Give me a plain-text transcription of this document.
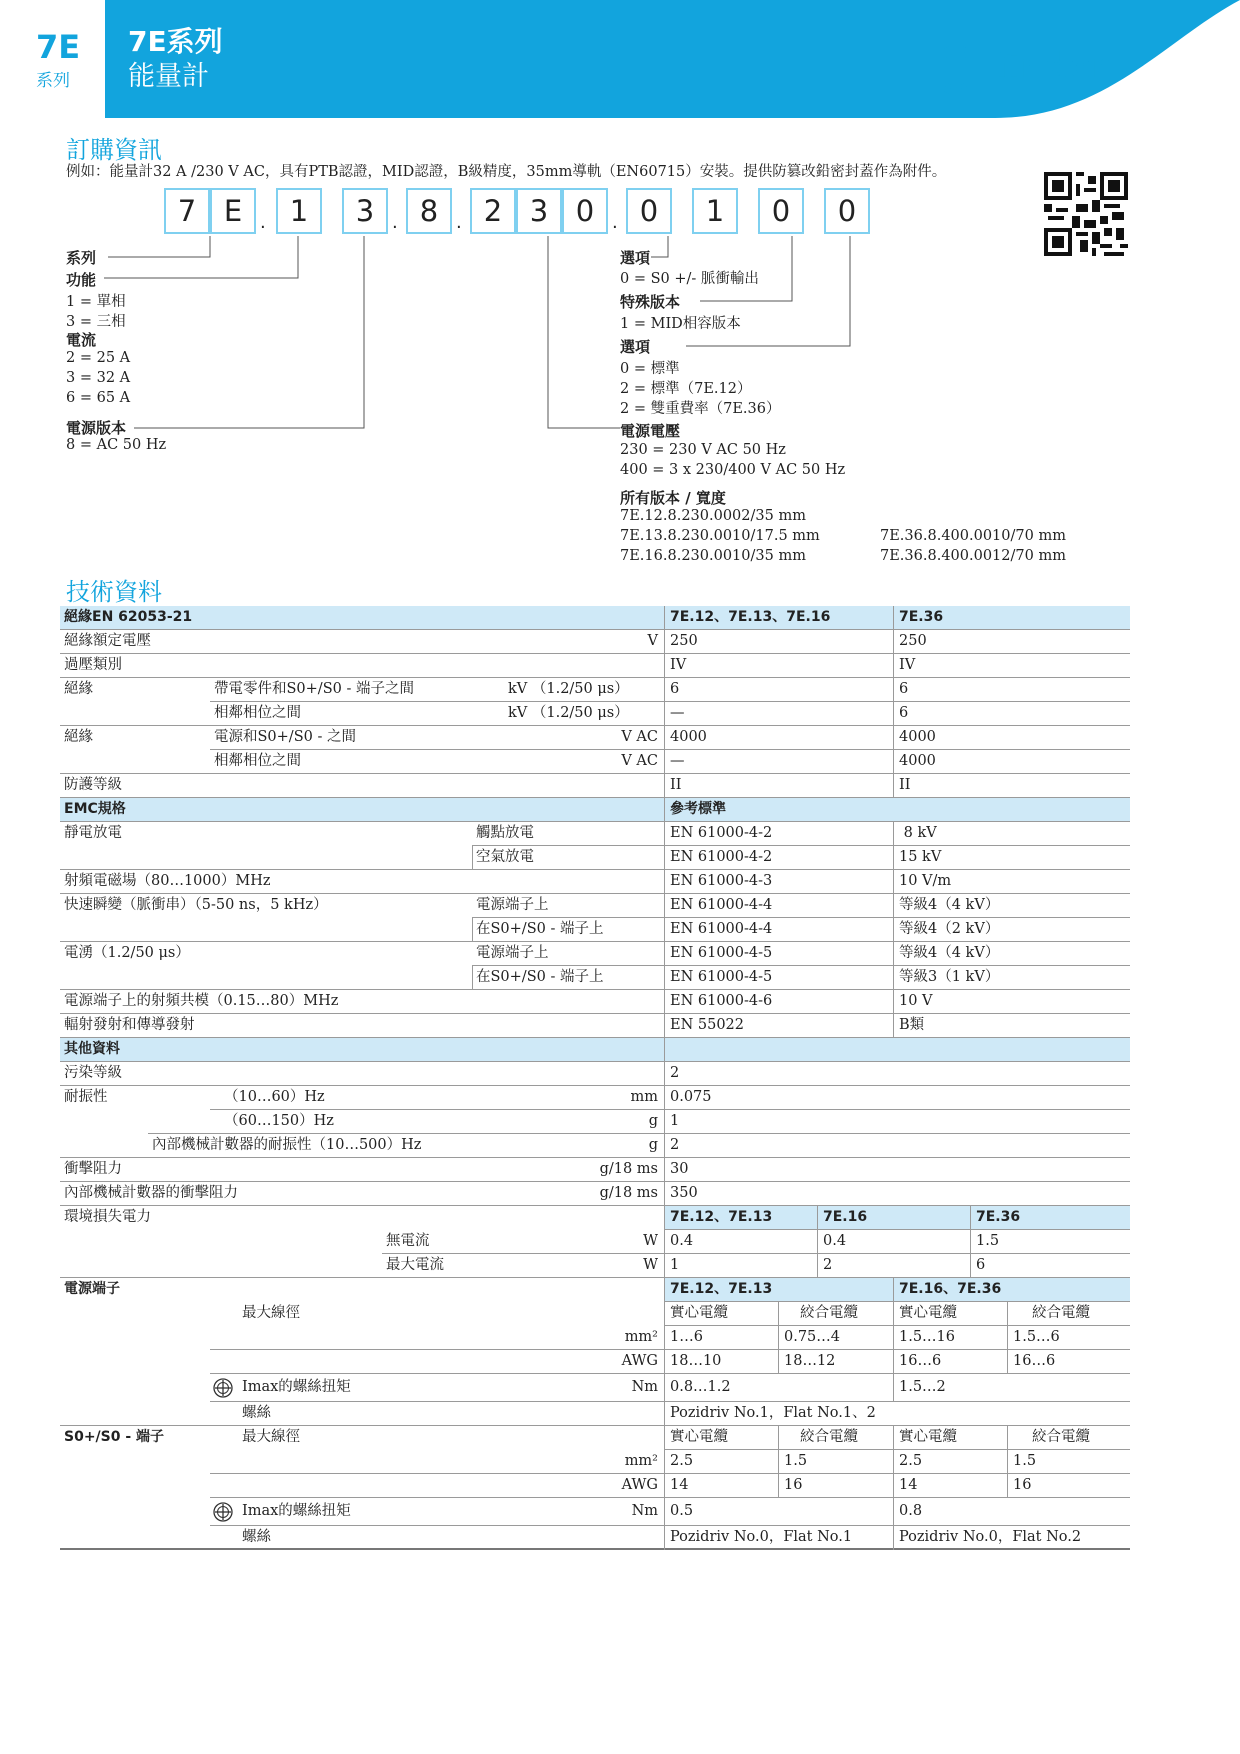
7E
系列
7E系列
能量計	finder
訂購資訊
例如：能量計32 A /230 V AC，具有PTB認證，MID認證，B級精度，35mm導軌（EN60715）安裝。提供防篡改鉛密封蓋作為附件。
7 E . 1	3 . 8 . 2 3 0 . 0	1	0	0
系列
功能
1 = 單相
3 = 三相
電流
2 = 25 A
3 = 32 A
6 = 65 A
電源版本
8 = AC 50 Hz
選項
0 = S0 +/- 脈衝輸出
特殊版本
1 = MID相容版本
選項
0 = 標準
2 = 標準（7E.12）
2 = 雙重費率（7E.36）
電源電壓
230 = 230 V AC 50 Hz
400 = 3 x 230/400 V AC 50 Hz
所有版本 / 寬度
7E.12.8.230.0002/35 mm
7E.13.8.230.0010/17.5 mm
7E.16.8.230.0010/35 mm
7E.36.8.400.0010/70 mm
7E.36.8.400.0012/70 mm
技術資料
絕緣EN 62053-21	7E.12、7E.13、7E.16	7E.36
絕緣額定電壓	V 250	250
過壓類別	IV	IV
絕緣	帶電零件和S0+/S0 - 端子之間	kV （1.2/50 μs）	6	6
相鄰相位之間	kV （1.2/50 μs）	—	6
絕緣	電源和S0+/S0 - 之間	V AC 4000	4000
相鄰相位之間	V AC —	4000
防護等級	II	II
EMC規格	參考標準
靜電放電	觸點放電	EN 61000-4-2	8 kV
空氣放電	EN 61000-4-2	15 kV
射頻電磁場（80…1000）MHz	EN 61000-4-3	10 V/m
快速瞬變（脈衝串）（5-50 ns，5 kHz）	電源端子上	EN 61000-4-4	等級4（4 kV）
在S0+/S0 - 端子上	EN 61000-4-4	等級4（2 kV）
電湧（1.2/50 μs）	電源端子上	EN 61000-4-5	等級4（4 kV）
在S0+/S0 - 端子上	EN 61000-4-5	等級3（1 kV）
電源端子上的射頻共模（0.15…80）MHz	EN 61000-4-6	10 V
輻射發射和傳導發射	EN 55022	B類
其他資料
污染等級	2
耐振性	（10…60）Hz	mm 0.075
（60…150）Hz	g 1
內部機械計數器的耐振性（10…500）Hz	g 2
衝擊阻力	g/18 ms 30
內部機械計數器的衝擊阻力	g/18 ms 350
環境損失電力	7E.12、7E.13	7E.16	7E.36
無電流	W 0.4	0.4	1.5
最大電流	W 1	2	6
電源端子	7E.12、7E.13	7E.16、7E.36
最大線徑	實心電纜	絞合電纜	實心電纜	絞合電纜
mm² 1…6	0.75…4	1.5…16	1.5…6
AWG 18…10	18…12	16…6	16…6
Imax的螺絲扭矩	Nm 0.8…1.2	1.5…2
螺絲	Pozidriv No.1，Flat No.1、2
S0+/S0 - 端子	最大線徑	實心電纜	絞合電纜	實心電纜	絞合電纜
mm² 2.5	1.5	2.5	1.5
AWG 14	16	14	16
Imax的螺絲扭矩	Nm 0.5	0.8
螺絲	Pozidriv No.0，Flat No.1	Pozidriv No.0，Flat No.2
